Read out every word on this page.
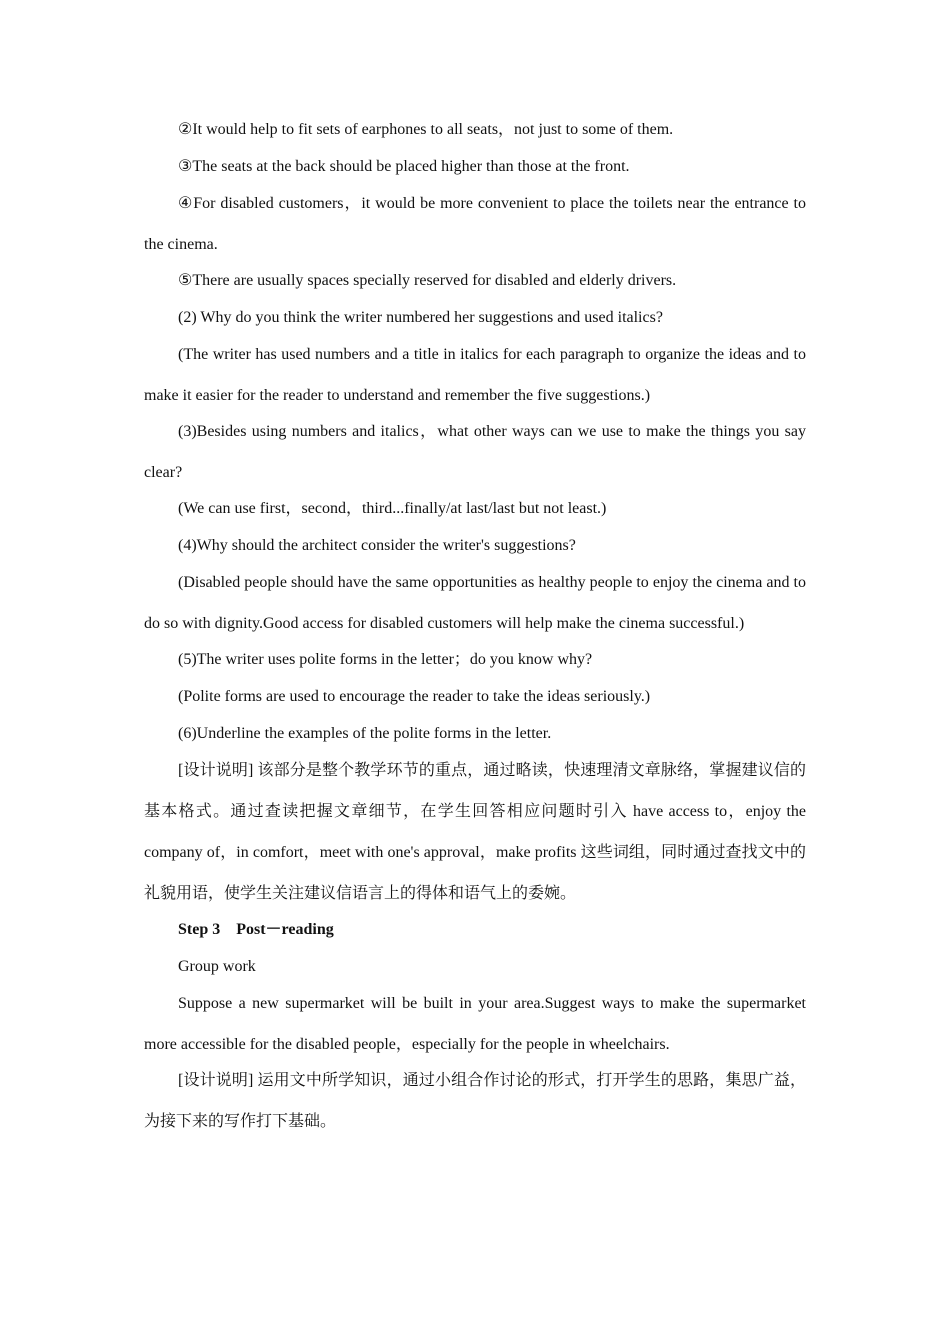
②It would help to fit sets of earphones to all seats，not just to some of them.

③The seats at the back should be placed higher than those at the front.

④For disabled customers，it would be more convenient to place the toilets near the entrance to the cinema.

⑤There are usually spaces specially reserved for disabled and elderly drivers.

(2) Why do you think the writer numbered her suggestions and used italics?

(The writer has used numbers and a title in italics for each paragraph to organize the ideas and to make it easier for the reader to understand and remember the five suggestions.)

(3)Besides using numbers and italics，what other ways can we use to make the things you say clear?

(We can use first，second，third...finally/at last/last but not least.)

(4)Why should the architect consider the writer's suggestions?

(Disabled people should have the same opportunities as healthy people to enjoy the cinema and to do so with dignity.Good access for disabled customers will help make the cinema successful.)

(5)The writer uses polite forms in the letter；do you know why?

(Polite forms are used to encourage the reader to take the ideas seriously.)

(6)Underline the examples of the polite forms in the letter.

[设计说明] 该部分是整个教学环节的重点，通过略读，快速理清文章脉络，掌握建议信的基本格式。通过查读把握文章细节，在学生回答相应问题时引入 have access to，enjoy the company of，in comfort，meet with one's approval，make profits 这些词组，同时通过查找文中的礼貌用语，使学生关注建议信语言上的得体和语气上的委婉。

Step 3　Post－reading

Group work

Suppose a new supermarket will be built in your area.Suggest ways to make the supermarket more accessible for the disabled people，especially for the people in wheelchairs.

[设计说明] 运用文中所学知识，通过小组合作讨论的形式，打开学生的思路，集思广益，为接下来的写作打下基础。
